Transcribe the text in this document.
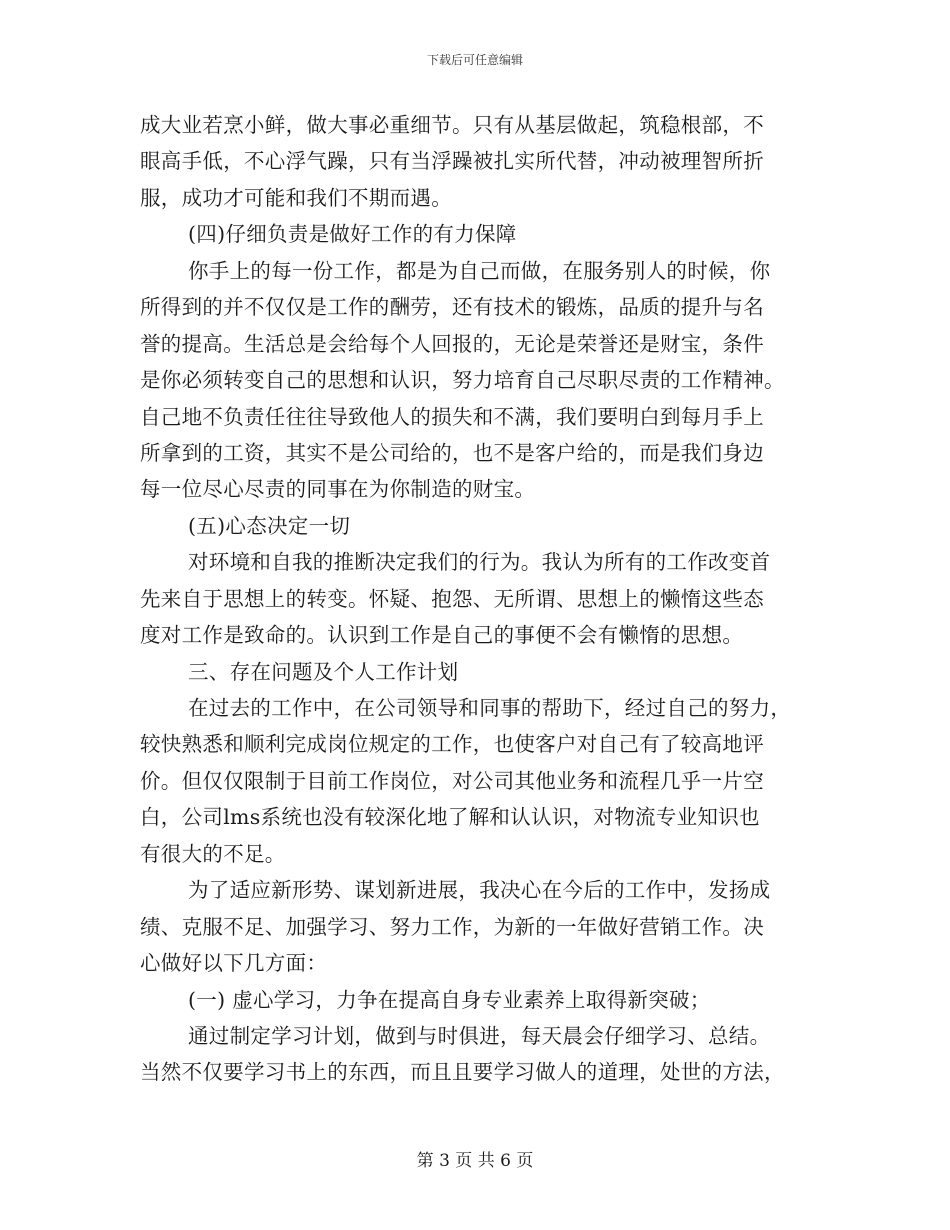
下载后可任意编辑
成大业若烹小鲜，做大事必重细节。只有从基层做起，筑稳根部，不
眼高手低，不心浮气躁，只有当浮躁被扎实所代替，冲动被理智所折
服，成功才可能和我们不期而遇。
(四)仔细负责是做好工作的有力保障
你手上的每一份工作，都是为自己而做，在服务别人的时候，你
所得到的并不仅仅是工作的酬劳，还有技术的锻炼，品质的提升与名
誉的提高。生活总是会给每个人回报的，无论是荣誉还是财宝，条件
是你必须转变自己的思想和认识，努力培育自己尽职尽责的工作精神。
自己地不负责任往往导致他人的损失和不满，我们要明白到每月手上
所拿到的工资，其实不是公司给的，也不是客户给的，而是我们身边
每一位尽心尽责的同事在为你制造的财宝。
(五)心态决定一切
对环境和自我的推断决定我们的行为。我认为所有的工作改变首
先来自于思想上的转变。怀疑、抱怨、无所谓、思想上的懒惰这些态
度对工作是致命的。认识到工作是自己的事便不会有懒惰的思想。
三、存在问题及个人工作计划
在过去的工作中，在公司领导和同事的帮助下，经过自己的努力，
较快熟悉和顺利完成岗位规定的工作，也使客户对自己有了较高地评
价。但仅仅限制于目前工作岗位，对公司其他业务和流程几乎一片空
白，公司lms系统也没有较深化地了解和认认识，对物流专业知识也
有很大的不足。
为了适应新形势、谋划新进展，我决心在今后的工作中，发扬成
绩、克服不足、加强学习、努力工作，为新的一年做好营销工作。决
心做好以下几方面：
(一) 虚心学习，力争在提高自身专业素养上取得新突破；
通过制定学习计划，做到与时俱进，每天晨会仔细学习、总结。
当然不仅要学习书上的东西，而且且要学习做人的道理，处世的方法，
第 3 页 共 6 页
